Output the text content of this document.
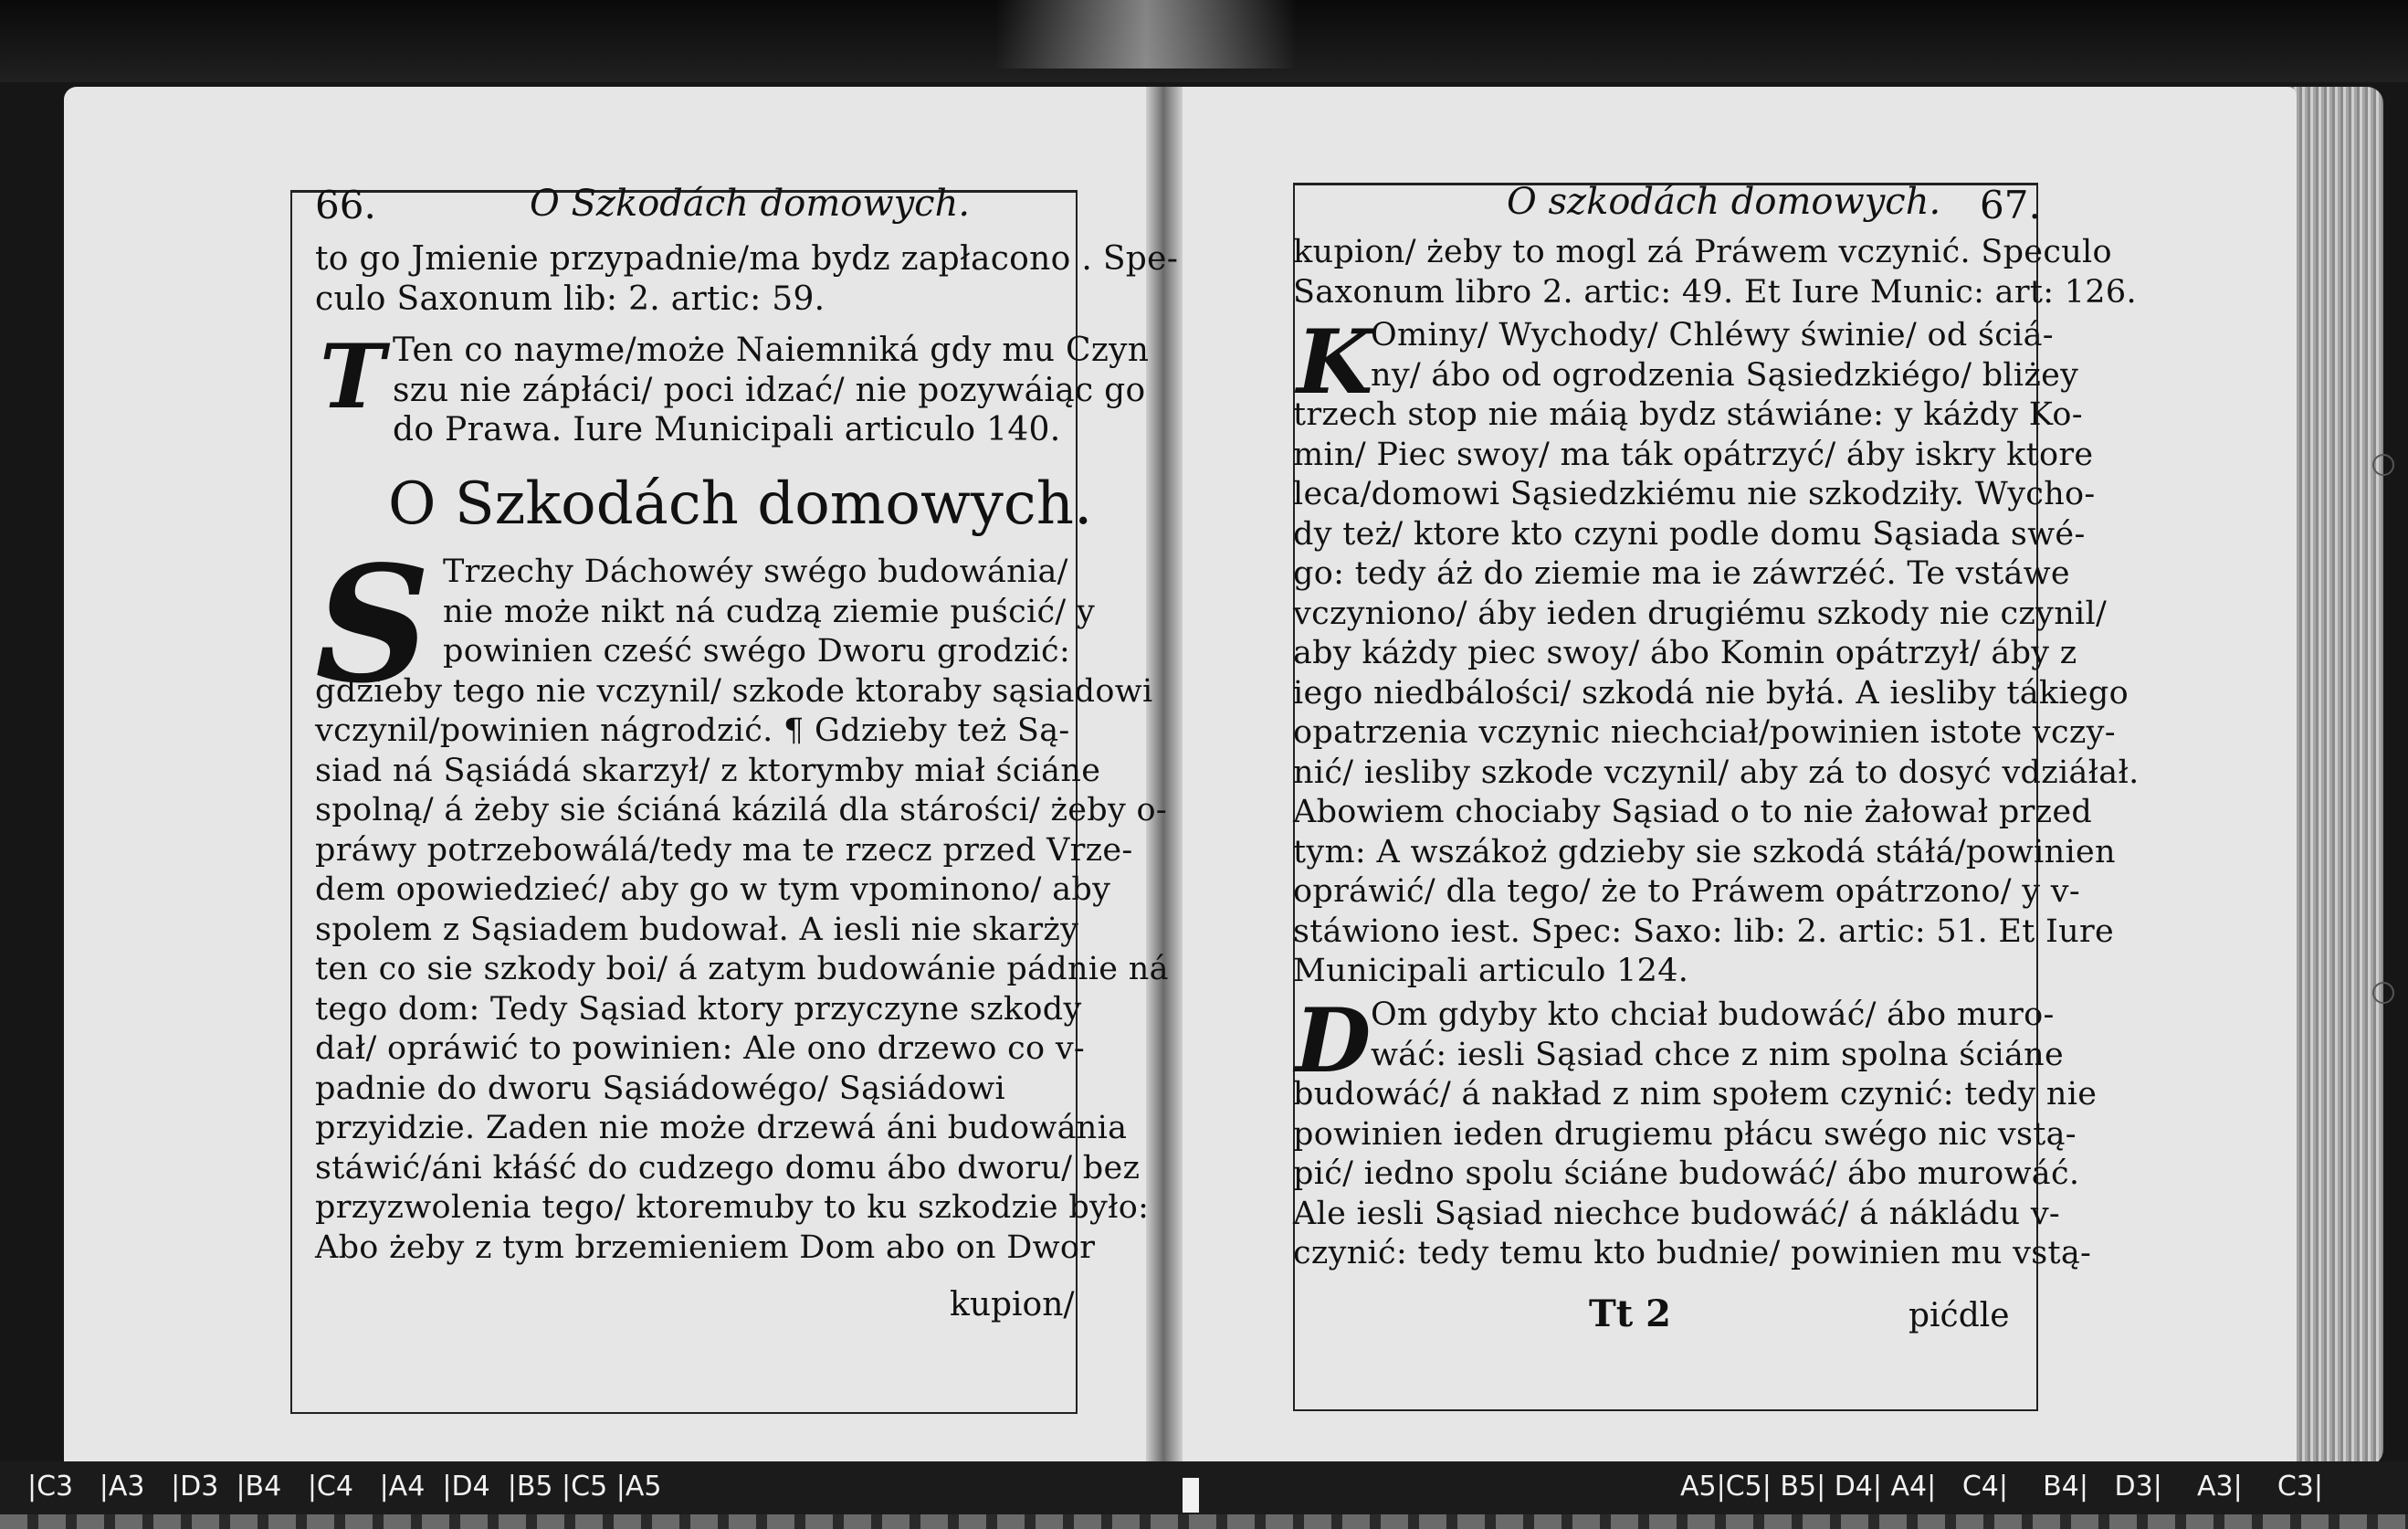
66.	O Szkodách domowych.
to go Jmienie przypadnie/ma bydz zapłacono . Spe-
culo Saxonum lib: 2. artic: 59.
T Ten co nayme/może Naiemniká gdy mu Czyn
szu nie zápłáci/ poci idzać/ nie pozywáiąc go
do Prawa. Iure Municipali articulo 140.
O Szkodách domowych.
S Trzechy Dáchowéy swégo budowánia/
nie może nikt ná cudzą ziemie puścić/ y
powinien cześć swégo Dworu grodzić:
gdzieby tego nie vczynil/ szkode ktoraby sąsiadowi
vczynil/powinien nágrodzić. ¶ Gdzieby też Są-
siad ná Sąsiádá skarzył/ z ktorymby miał ściáne
spolną/ á żeby sie ściáná kázilá dla stárości/ żeby o-
práwy potrzebowálá/tedy ma te rzecz przed Vrze-
dem opowiedzieć/ aby go w tym vpominono/ aby
spolem z Sąsiadem budował. A iesli nie skarży
ten co sie szkody boi/ á zatym budowánie pádnie ná
tego dom: Tedy Sąsiad ktory przyczyne szkody
dał/ opráwić to powinien: Ale ono drzewo co v-
padnie do dworu Sąsiádowégo/ Sąsiádowi
przyidzie. Zaden nie może drzewá áni budowánia
stáwić/áni kłáść do cudzego domu ábo dworu/ bez
przyzwolenia tego/ ktoremuby to ku szkodzie było:
Abo żeby z tym brzemieniem Dom abo on Dwor
kupion/
O szkodách domowych. 67.
kupion/ żeby to mogl zá Práwem vczynić. Speculo
Saxonum libro 2. artic: 49. Et Iure Munic: art: 126.
K
Ominy/ Wychody/ Chléwy świnie/ od ściá-
ny/ ábo od ogrodzenia Sąsiedzkiégo/ bliżey
trzech stop nie máią bydz stáwiáne: y káżdy Ko-
min/ Piec swoy/ ma ták opátrzyć/ áby iskry ktore
leca/domowi Sąsiedzkiému nie szkodziły. Wycho-
dy też/ ktore kto czyni podle domu Sąsiada swé-
go: tedy áż do ziemie ma ie záwrzéć. Te vstáwe
vczyniono/ áby ieden drugiému szkody nie czynil/
aby káżdy piec swoy/ ábo Komin opátrzył/ áby z
iego niedbálości/ szkodá nie byłá. A iesliby tákiego
opatrzenia vczynic niechciał/powinien istote vczy-
nić/ iesliby szkode vczynil/ aby zá to dosyć vdziáłał.
Abowiem chociaby Sąsiad o to nie żałował przed
tym: A wszákoż gdzieby sie szkodá stáłá/powinien
opráwić/ dla tego/ że to Práwem opátrzono/ y v-
stáwiono iest. Spec: Saxo: lib: 2. artic: 51. Et Iure
Municipali articulo 124.
D Om gdyby kto chciał budowáć/ ábo muro-
wáć: iesli Sąsiad chce z nim spolna ściáne
budowáć/ á nakład z nim społem czynić: tedy nie
powinien ieden drugiemu płácu swégo nic vstą-
pić/ iedno spolu ściáne budowáć/ ábo murowáć.
Ale iesli Sąsiad niechce budowáć/ á nákládu v-
czynić: tedy temu kto budnie/ powinien mu vstą-
Tt 2	pićdle
|C3   |A3   |D3  |B4   |C4   |A4  |D4  |B5 |C5 |A5	A5|C5| B5| D4| A4|   C4|    B4|   D3|    A3|    C3|
